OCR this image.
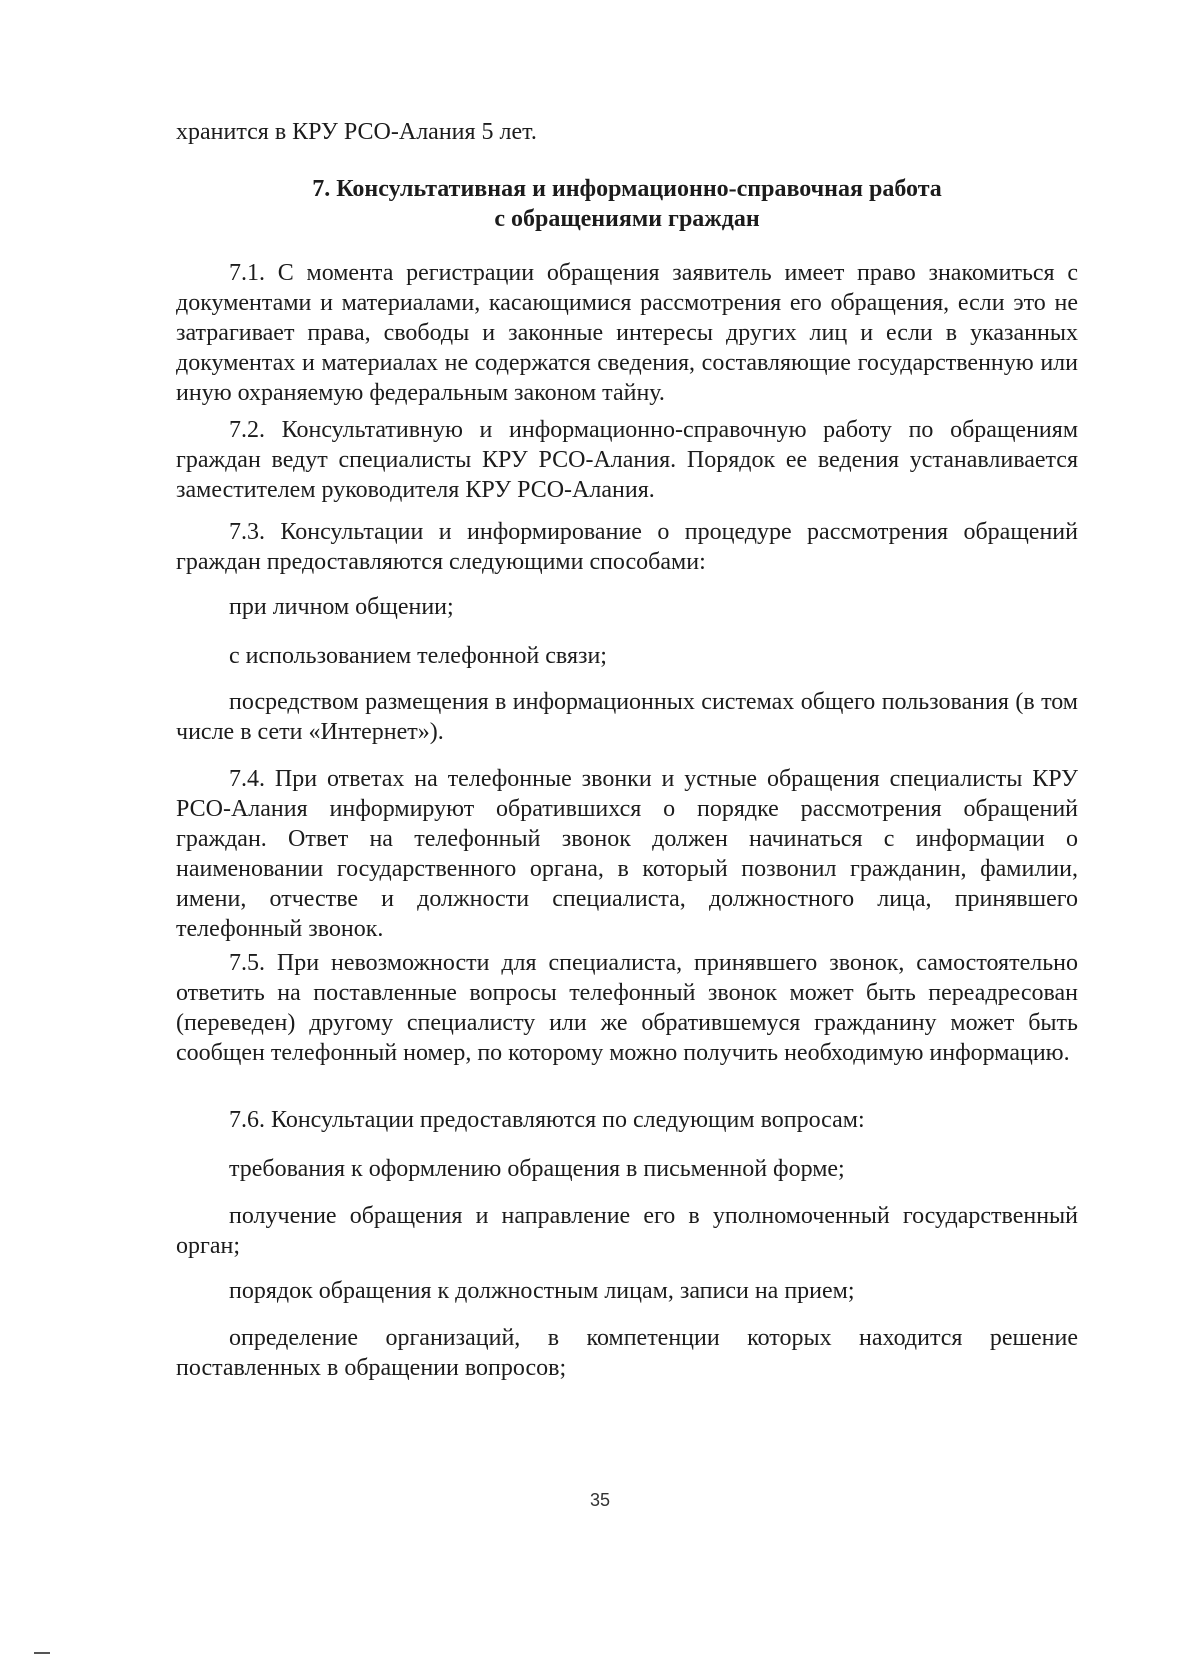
хранится в КРУ РСО-Алания 5 лет.

7. Консультативная и информационно-справочная работа
с обращениями граждан

7.1. С момента регистрации обращения заявитель имеет право знакомиться с документами и материалами, касающимися рассмотрения его обращения, если это не затрагивает права, свободы и законные интересы других лиц и если в указанных документах и материалах не содержатся сведения, составляющие государственную или иную охраняемую федеральным законом тайну.

7.2. Консультативную и информационно-справочную работу по обращениям граждан ведут специалисты КРУ РСО-Алания. Порядок ее ведения устанавливается заместителем руководителя КРУ РСО-Алания.

7.3. Консультации и информирование о процедуре рассмотрения обращений граждан предоставляются следующими способами:

при личном общении;

с использованием телефонной связи;

посредством размещения в информационных системах общего пользования (в том числе в сети «Интернет»).

7.4. При ответах на телефонные звонки и устные обращения специалисты КРУ РСО-Алания информируют обратившихся о порядке рассмотрения обращений граждан. Ответ на телефонный звонок должен начинаться с информации о наименовании государственного органа, в который позвонил гражданин, фамилии, имени, отчестве и должности специалиста, должностного лица, принявшего телефонный звонок.

7.5. При невозможности для специалиста, принявшего звонок, самостоятельно ответить на поставленные вопросы телефонный звонок может быть переадресован (переведен) другому специалисту или же обратившемуся гражданину может быть сообщен телефонный номер, по которому можно получить необходимую информацию.

7.6. Консультации предоставляются по следующим вопросам:

требования к оформлению обращения в письменной форме;

получение обращения и направление его в уполномоченный государственный орган;

порядок обращения к должностным лицам, записи на прием;

определение организаций, в компетенции которых находится решение поставленных в обращении вопросов;

35
